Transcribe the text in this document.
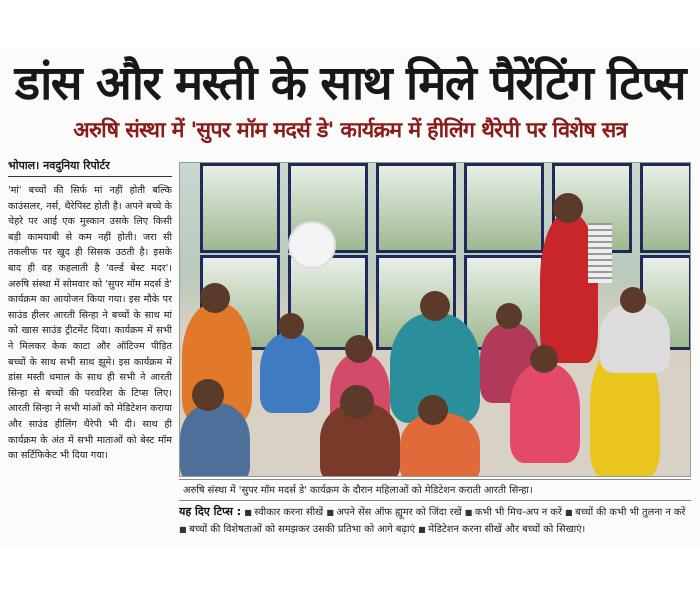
डांस और मस्ती के साथ मिले पैरेंटिंग टिप्स
अरुषि संस्था में 'सुपर मॉम मदर्स डे' कार्यक्रम में हीलिंग थैरेपी पर विशेष सत्र
भोपाल। नवदुनिया रिपोर्टर

'मां' बच्चों की सिर्फ मां नहीं होती बल्कि काउंसलर, नर्स, थैरेपिस्ट होती है। अपने बच्चे के चेहरे पर आई एक मुस्कान उसके लिए किसी बड़ी कामयाबी से कम नहीं होती। जरा सी तकलीफ पर खुद ही सिसक उठती है। इसके बाद ही वह कहलाती है 'वर्ल्ड बेस्ट मदर'। अरुषि संस्था में सोमवार को 'सुपर मॉम मदर्स डे' कार्यक्रम का आयोजन किया गया। इस मौके पर साउंड हीलर आरती सिन्हा ने बच्चों के साथ मां को खास साउंड ट्रीटमेंट दिया। कार्यक्रम में सभी ने मिलकर केक काटा और ऑटिज्म पीड़ित बच्चों के साथ सभी साथ झूमे। इस कार्यक्रम में डांस मस्ती धमाल के साथ ही सभी ने आरती सिन्हा से बच्चों की परवरिश के टिप्स लिए। आरती सिन्हा ने सभी मांओं को मेडिटेशन कराया और साउंड हीलिंग थैरेपी भी दी। साथ ही कार्यक्रम के अंत में सभी माताओं को बेस्ट मॉम का सर्टिफिकेट भी दिया गया।

अरुषि संस्था में 'सुपर मॉम मदर्स डे' कार्यक्रम के दौरान महिलाओं को मेडिटेशन कराती आरती सिन्हा।
यह दिए टिप्स : ■ स्वीकार करना सीखें ■ अपने सेंस ऑफ ह्यूमर को जिंदा रखें ■ कभी भी मिच-अप न करें ■ बच्चों की कभी भी तुलना न करें ■ बच्चों की विशेषताओं को समझकर उसकी प्रतिभा को आगे बढ़ाएं ■ मेडिटेशन करना सीखें और बच्चों को सिखाएं।
